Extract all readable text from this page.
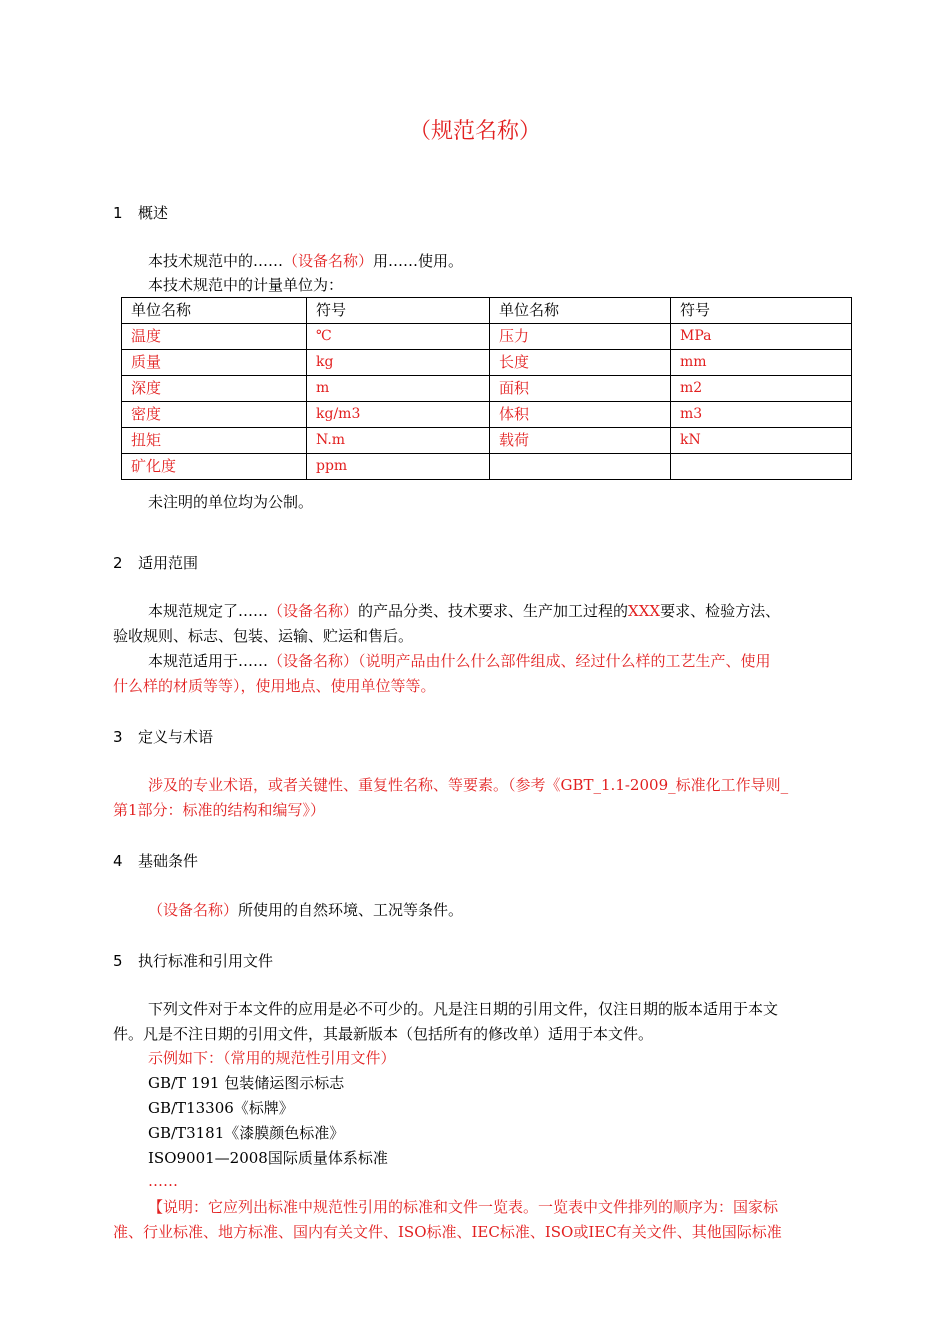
（规范名称）
1 概述
本技术规范中的……（设备名称）用……使用。
本技术规范中的计量单位为：
单位名称	符号	单位名称	符号
温度	℃	压力	MPa
质量	kg	长度	mm
深度	m	面积	m2
密度	kg/m3	体积	m3
扭矩	N.m	载荷	kN
矿化度	ppm		
未注明的单位均为公制。
2 适用范围
本规范规定了……（设备名称）的产品分类、技术要求、生产加工过程的XXX要求、检验方法、
验收规则、标志、包装、运输、贮运和售后。
本规范适用于……（设备名称）（说明产品由什么什么部件组成、经过什么样的工艺生产、使用
什么样的材质等等），使用地点、使用单位等等。
3 定义与术语
涉及的专业术语，或者关键性、重复性名称、等要素。（参考《GBT_1.1-2009_标准化工作导则_
第1部分：标准的结构和编写》）
4 基础条件
（设备名称）所使用的自然环境、工况等条件。
5 执行标准和引用文件
下列文件对于本文件的应用是必不可少的。凡是注日期的引用文件，仅注日期的版本适用于本文
件。凡是不注日期的引用文件，其最新版本（包括所有的修改单）适用于本文件。
示例如下：（常用的规范性引用文件）
GB/T 191 包装储运图示标志
GB/T13306《标牌》
GB/T3181《漆膜颜色标准》
ISO9001—2008国际质量体系标准
……
【说明：它应列出标准中规范性引用的标准和文件一览表。一览表中文件排列的顺序为：国家标
准、行业标准、地方标准、国内有关文件、ISO标准、IEC标准、ISO或IEC有关文件、其他国际标准
